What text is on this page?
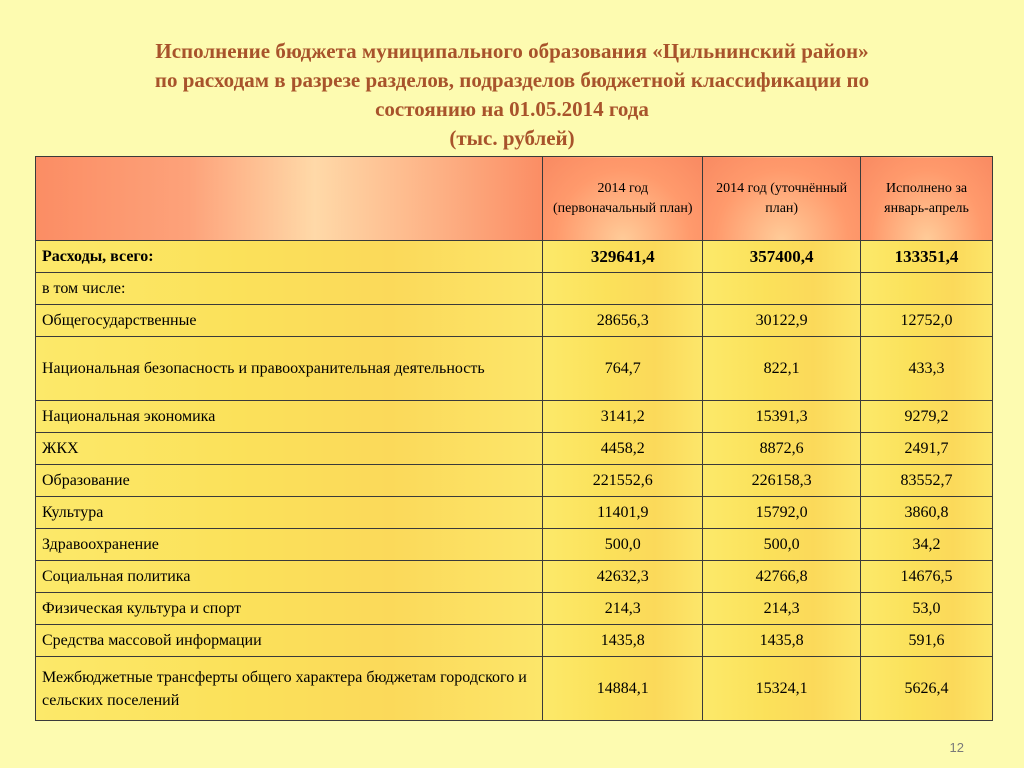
Исполнение бюджета муниципального образования «Цильнинский район»
по расходам в разрезе разделов, подразделов бюджетной классификации по
состоянию на 01.05.2014 года
(тыс. рублей)
	2014 год (первоначальный план)	2014 год (уточнённый план)	Исполнено за январь-апрель
Расходы, всего:	329641,4	357400,4	133351,4
в том числе:			
Общегосударственные	28656,3	30122,9	12752,0
Национальная безопасность и правоохранительная деятельность	764,7	822,1	433,3
Национальная экономика	3141,2	15391,3	9279,2
ЖКХ	4458,2	8872,6	2491,7
Образование	221552,6	226158,3	83552,7
Культура	11401,9	15792,0	3860,8
Здравоохранение	500,0	500,0	34,2
Социальная политика	42632,3	42766,8	14676,5
Физическая культура и спорт	214,3	214,3	53,0
Средства массовой информации	1435,8	1435,8	591,6
Межбюджетные трансферты общего характера бюджетам городского и сельских поселений	14884,1	15324,1	5626,4
12
